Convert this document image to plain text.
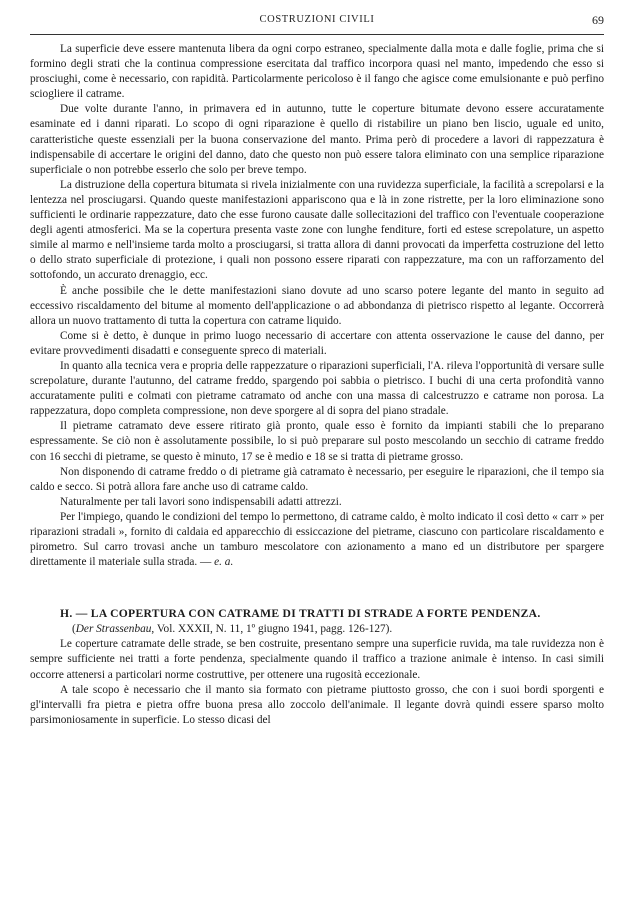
COSTRUZIONI CIVILI	69

La superficie deve essere mantenuta libera da ogni corpo estraneo, specialmente dalla mota e dalle foglie, prima che si formino degli strati che la continua compressione esercitata dal traffico incorpora quasi nel manto, impedendo che esso si prosciughi, come è necessario, con rapidità. Particolarmente pericoloso è il fango che agisce come emulsionante e può perfino sciogliere il catrame.

Due volte durante l'anno, in primavera ed in autunno, tutte le coperture bitumate devono essere accuratamente esaminate ed i danni riparati. Lo scopo di ogni riparazione è quello di ristabilire un piano ben liscio, uguale ed unito, caratteristiche queste essenziali per la buona conservazione del manto. Prima però di procedere a lavori di rappezzatura è indispensabile di accertare le origini del danno, dato che questo non può essere talora eliminato con una semplice riparazione superficiale o non potrebbe esserlo che solo per breve tempo.

La distruzione della copertura bitumata si rivela inizialmente con una ruvidezza superficiale, la facilità a screpolarsi e la lentezza nel prosciugarsi. Quando queste manifestazioni appariscono qua e là in zone ristrette, per la loro eliminazione sono sufficienti le ordinarie rappezzature, dato che esse furono causate dalle sollecitazioni del traffico con l'eventuale cooperazione degli agenti atmosferici. Ma se la copertura presenta vaste zone con lunghe fenditure, forti ed estese screpolature, un aspetto simile al marmo e nell'insieme tarda molto a prosciugarsi, si tratta allora di danni provocati da imperfetta costruzione del letto o dello strato superficiale di protezione, i quali non possono essere riparati con rappezzature, ma con un rafforzamento del sottofondo, un accurato drenaggio, ecc.

È anche possibile che le dette manifestazioni siano dovute ad uno scarso potere legante del manto in seguito ad eccessivo riscaldamento del bitume al momento dell'applicazione o ad abbondanza di pietrisco rispetto al legante. Occorrerà allora un nuovo trattamento di tutta la copertura con catrame liquido.

Come si è detto, è dunque in primo luogo necessario di accertare con attenta osservazione le cause del danno, per evitare provvedimenti disadatti e conseguente spreco di materiali.

In quanto alla tecnica vera e propria delle rappezzature o riparazioni superficiali, l'A. rileva l'opportunità di versare sulle screpolature, durante l'autunno, del catrame freddo, spargendo poi sabbia o pietrisco. I buchi di una certa profondità vanno accuratamente puliti e colmati con pietrame catramato od anche con una massa di calcestruzzo e catrame non porosa. La rappezzatura, dopo completa compressione, non deve sporgere al di sopra del piano stradale.

Il pietrame catramato deve essere ritirato già pronto, quale esso è fornito da impianti stabili che lo preparano espressamente. Se ciò non è assolutamente possibile, lo si può preparare sul posto mescolando un secchio di catrame freddo con 16 secchi di pietrame, se questo è minuto, 17 se è medio e 18 se si tratta di pietrame grosso.

Non disponendo di catrame freddo o di pietrame già catramato è necessario, per eseguire le riparazioni, che il tempo sia caldo e secco. Si potrà allora fare anche uso di catrame caldo.

Naturalmente per tali lavori sono indispensabili adatti attrezzi.

Per l'impiego, quando le condizioni del tempo lo permettono, di catrame caldo, è molto indicato il così detto « carr » per riparazioni stradali », fornito di caldaia ed apparecchio di essiccazione del pietrame, ciascuno con particolare riscaldamento e pirometro. Sul carro trovasi anche un tamburo mescolatore con azionamento a mano ed un distributore per spargere direttamente il materiale sulla strada. — e. a.

H. — LA COPERTURA CON CATRAME DI TRATTI DI STRADE A FORTE PENDENZA.

(Der Strassenbau, Vol. XXXII, N. 11, 1º giugno 1941, pagg. 126-127).

Le coperture catramate delle strade, se ben costruite, presentano sempre una superficie ruvida, ma tale ruvidezza non è sempre sufficiente nei tratti a forte pendenza, specialmente quando il traffico a trazione animale è intenso. In casi simili occorre attenersi a particolari norme costruttive, per ottenere una rugosità eccezionale.

A tale scopo è necessario che il manto sia formato con pietrame piuttosto grosso, che con i suoi bordi sporgenti e gl'intervalli fra pietra e pietra offre buona presa allo zoccolo dell'animale. Il legante dovrà quindi essere sparso molto parsimoniosamente in superficie. Lo stesso dicasi del
